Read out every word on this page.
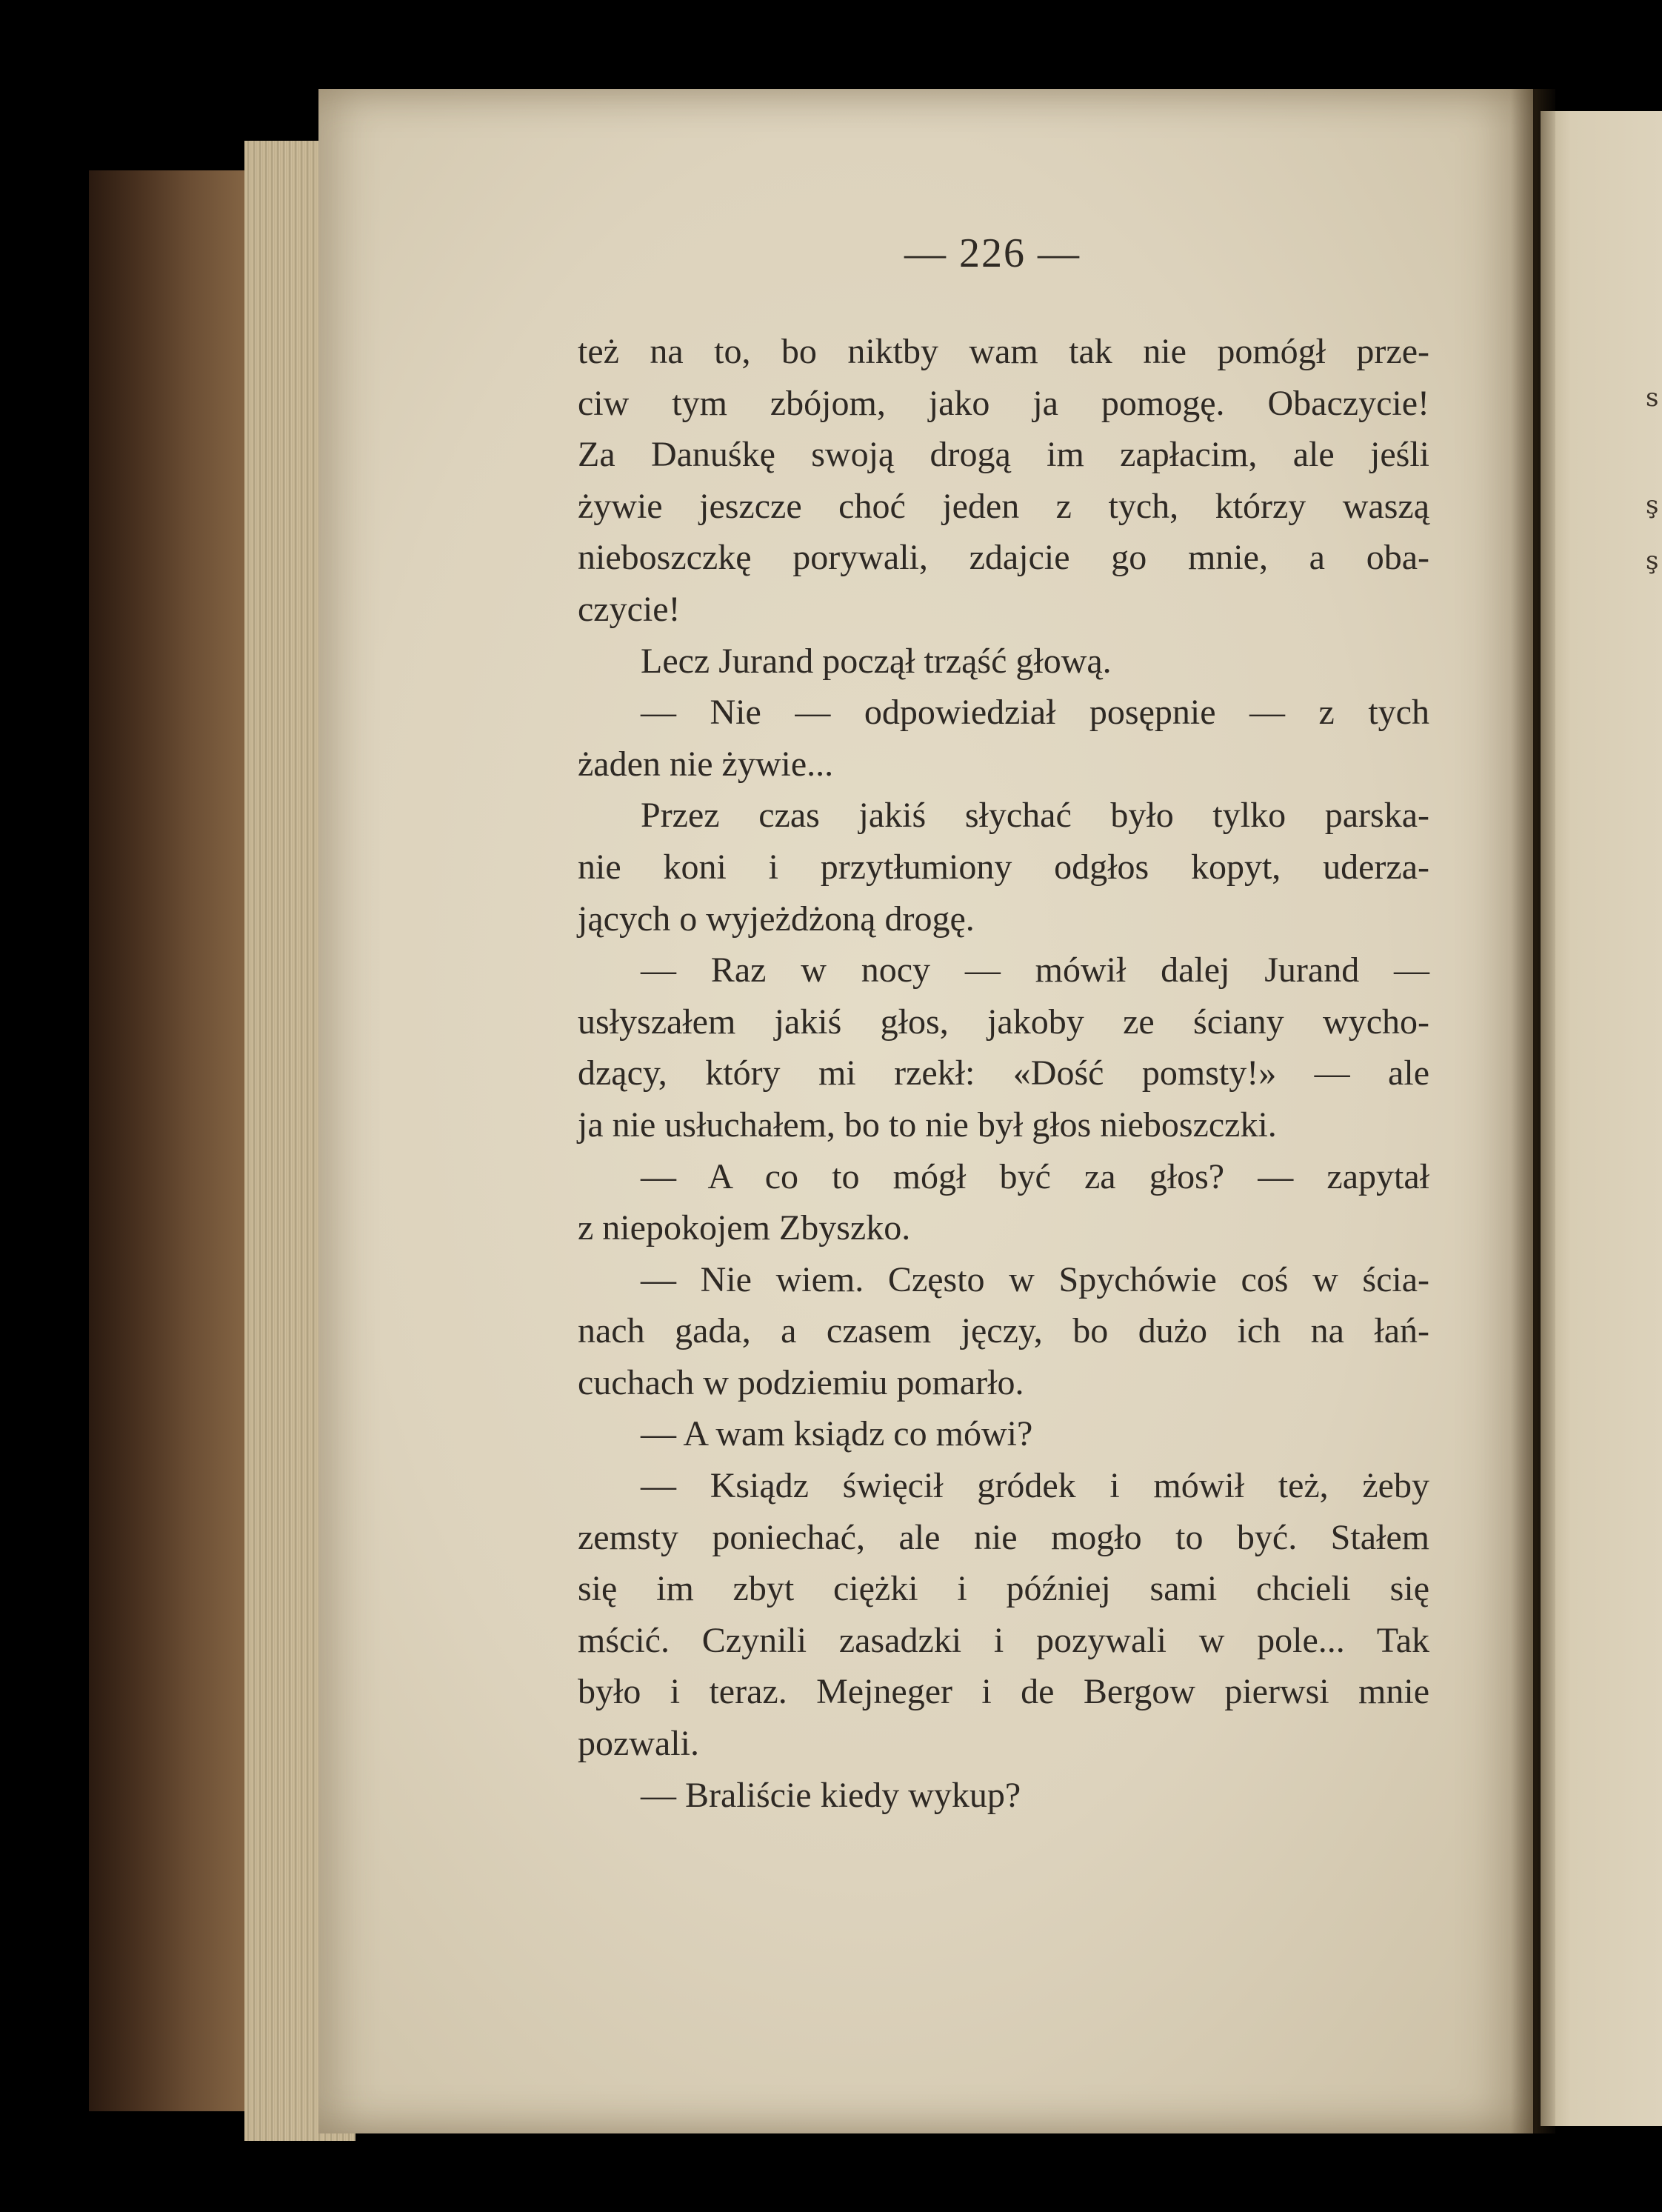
s
ş
ş
— 226 —
też na to, bo niktby wam tak nie pomógł prze-
ciw tym zbójom, jako ja pomogę. Obaczycie!
Za Danuśkę swoją drogą im zapłacim, ale jeśli
żywie jeszcze choć jeden z tych, którzy waszą
nieboszczkę porywali, zdajcie go mnie, a oba-
czycie!
Lecz Jurand począł trząść głową.
— Nie — odpowiedział posępnie — z tych
żaden nie żywie...
Przez czas jakiś słychać było tylko parska-
nie koni i przytłumiony odgłos kopyt, uderza-
jących o wyjeżdżoną drogę.
— Raz w nocy — mówił dalej Jurand —
usłyszałem jakiś głos, jakoby ze ściany wycho-
dzący, który mi rzekł: «Dość pomsty!» — ale
ja nie usłuchałem, bo to nie był głos nieboszczki.
— A co to mógł być za głos? — zapytał
z niepokojem Zbyszko.
— Nie wiem. Często w Spychówie coś w ścia-
nach gada, a czasem jęczy, bo dużo ich na łań-
cuchach w podziemiu pomarło.
— A wam ksiądz co mówi?
— Ksiądz święcił gródek i mówił też, żeby
zemsty poniechać, ale nie mogło to być. Stałem
się im zbyt ciężki i później sami chcieli się
mścić. Czynili zasadzki i pozywali w pole... Tak
było i teraz. Mejneger i de Bergow pierwsi mnie
pozwali.
— Braliście kiedy wykup?
